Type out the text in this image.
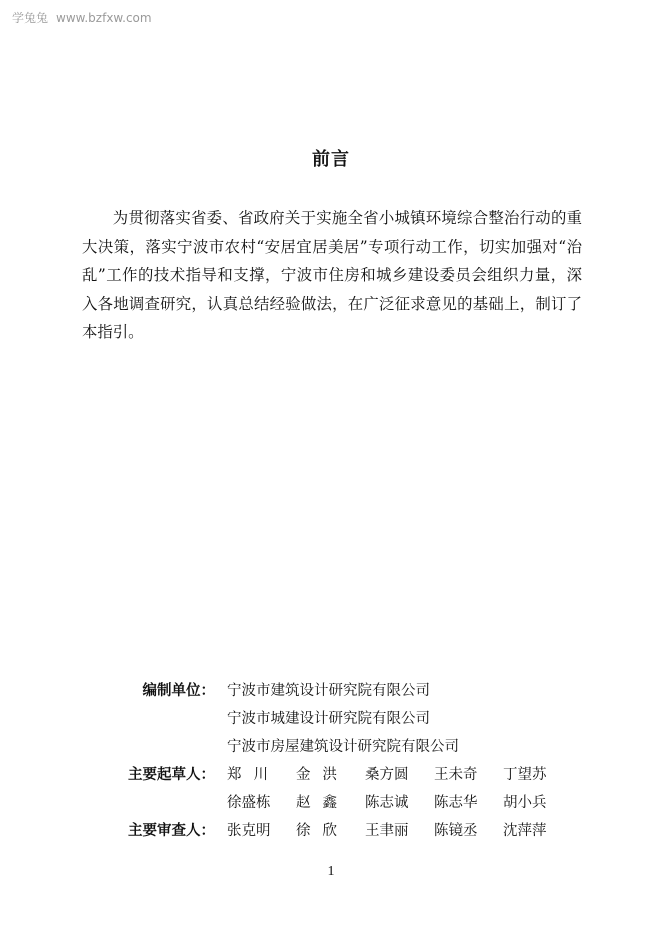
学兔兔 www.bzfxw.com
前言

为贯彻落实省委、省政府关于实施全省小城镇环境综合整治行动的重大决策，落实宁波市农村“安居宜居美居”专项行动工作，切实加强对“治乱”工作的技术指导和支撑，宁波市住房和城乡建设委员会组织力量，深入各地调查研究，认真总结经验做法，在广泛征求意见的基础上，制订了本指引。

编制单位： 宁波市建筑设计研究院有限公司
宁波市城建设计研究院有限公司
宁波市房屋建筑设计研究院有限公司
主要起草人： 郑川 金洪 桑方圆 王未奇 丁望苏
徐盛栋 赵鑫 陈志诚 陈志华 胡小兵
主要审查人： 张克明 徐欣 王聿丽 陈镜丞 沈萍萍
1
